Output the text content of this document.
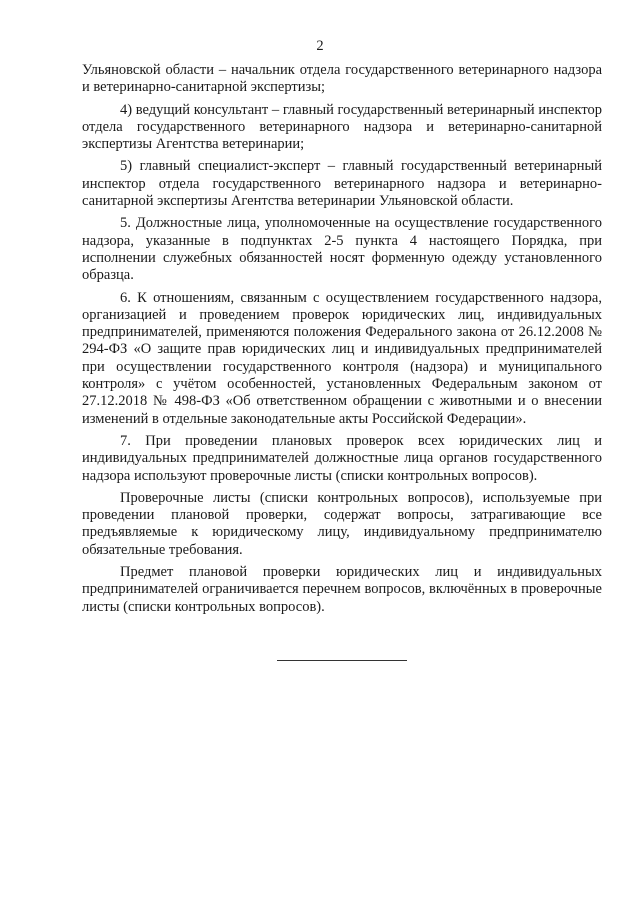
2

Ульяновской области – начальник отдела государственного ветеринарного надзора и ветеринарно-санитарной экспертизы;

4) ведущий консультант – главный государственный ветеринарный инспектор отдела государственного ветеринарного надзора и ветеринарно-санитарной экспертизы Агентства ветеринарии;

5) главный специалист-эксперт – главный государственный ветеринарный инспектор отдела государственного ветеринарного надзора и ветеринарно-санитарной экспертизы Агентства ветеринарии Ульяновской области.

5. Должностные лица, уполномоченные на осуществление государственного надзора, указанные в подпунктах 2-5 пункта 4 настоящего Порядка, при исполнении служебных обязанностей носят форменную одежду установленного образца.

6. К отношениям, связанным с осуществлением государственного надзора, организацией и проведением проверок юридических лиц, индивидуальных предпринимателей, применяются положения Федерального закона от 26.12.2008 № 294-ФЗ «О защите прав юридических лиц и индивидуальных предпринимателей при осуществлении государственного контроля (надзора) и муниципального контроля» с учётом особенностей, установленных Федеральным законом от 27.12.2018 № 498-ФЗ «Об ответственном обращении с животными и о внесении изменений в отдельные законодательные акты Российской Федерации».

7. При проведении плановых проверок всех юридических лиц и индивидуальных предпринимателей должностные лица органов государственного надзора используют проверочные листы (списки контрольных вопросов).

Проверочные листы (списки контрольных вопросов), используемые при проведении плановой проверки, содержат вопросы, затрагивающие все предъявляемые к юридическому лицу, индивидуальному предпринимателю обязательные требования.

Предмет плановой проверки юридических лиц и индивидуальных предпринимателей ограничивается перечнем вопросов, включённых в проверочные листы (списки контрольных вопросов).
